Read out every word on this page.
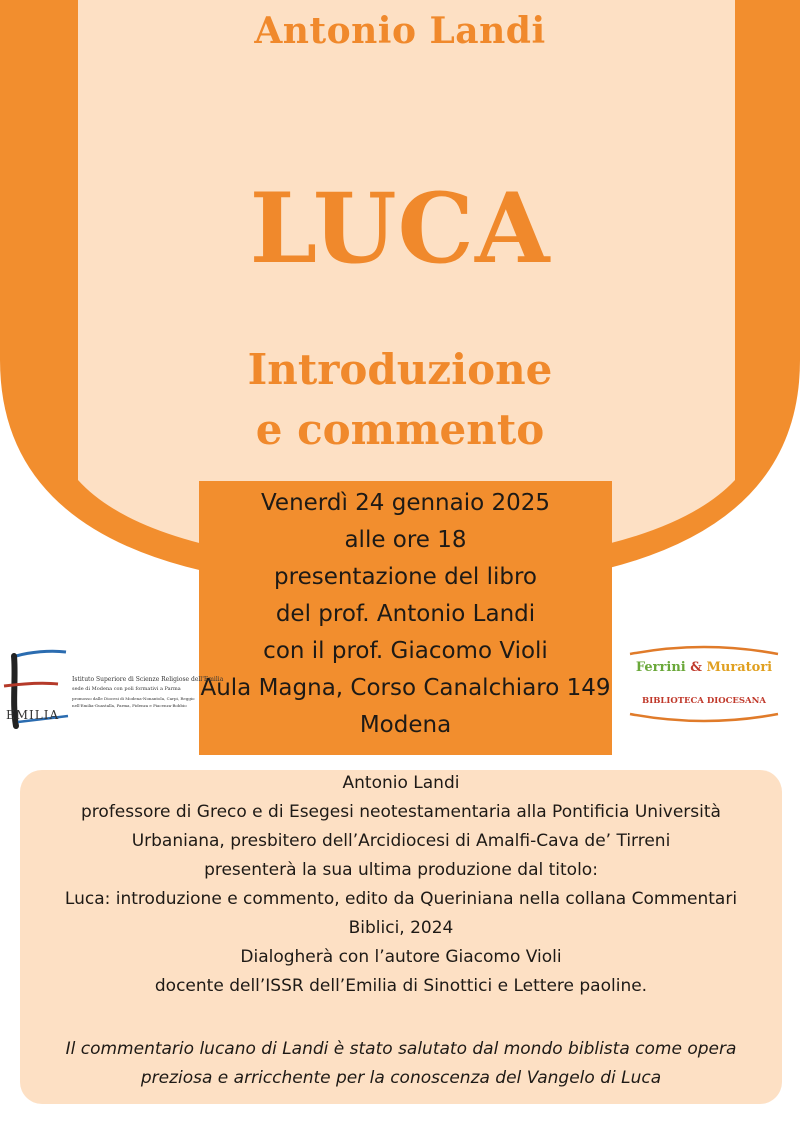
Antonio Landi
LUCA
Introduzione
e commento
Venerdì 24 gennaio 2025
alle ore 18
presentazione del libro
del prof. Antonio Landi
con il prof. Giacomo Violi
Aula Magna, Corso Canalchiaro 149
Modena
EMILIA
Istituto Superiore di Scienze Religiose dell'Emilia
sede di Modena con poli formativi a Parma
promosso dalle Diocesi di Modena-Nonantola, Carpi, Reggio
nell'Emilia-Guastalla, Parma, Fidenza e Piacenza-Bobbio
Ferrini & Muratori
BIBLIOTECA DIOCESANA
Antonio Landi
professore di Greco e di Esegesi neotestamentaria alla Pontificia Università
Urbaniana, presbitero dell’Arcidiocesi di Amalfi-Cava de’ Tirreni
presenterà la sua ultima produzione dal titolo:
Luca: introduzione e commento, edito da Queriniana nella collana Commentari
Biblici, 2024
Dialogherà con l’autore Giacomo Violi
docente dell’ISSR dell’Emilia di Sinottici e Lettere paoline.
Il commentario lucano di Landi è stato salutato dal mondo biblista come opera
preziosa e arricchente per la conoscenza del Vangelo di Luca
